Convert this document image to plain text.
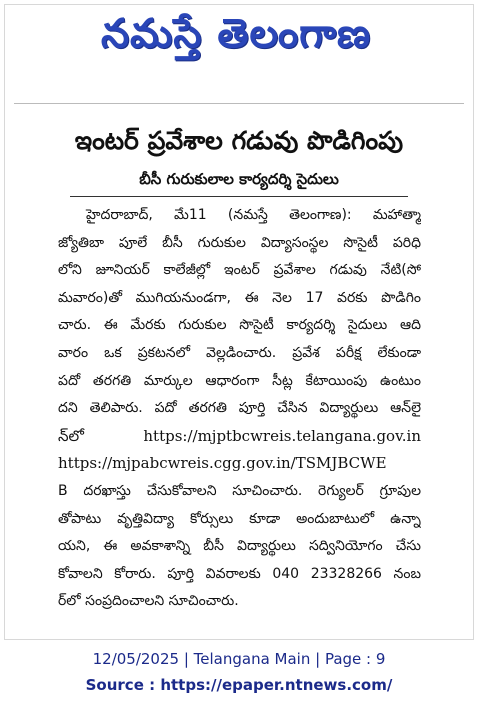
నమస్తే తెలంగాణ
ఇంటర్ ప్రవేశాల గడువు పొడిగింపు
బీసీ గురుకులాల కార్యదర్శి సైదులు
హైదరాబాద్, మే11 (నమస్తే తెలంగాణ): మహాత్మా
జ్యోతిబా పూలే బీసీ గురుకుల విద్యాసంస్థల సొసైటీ పరిధి
లోని జూనియర్ కాలేజీల్లో ఇంటర్ ప్రవేశాల గడువు నేటి(సో
మవారం)తో ముగియనుండగా, ఈ నెల 17 వరకు పొడిగిం
చారు. ఈ మేరకు గురుకుల సొసైటీ కార్యదర్శి సైదులు ఆది
వారం ఒక ప్రకటనలో వెల్లడించారు. ప్రవేశ పరీక్ష లేకుండా
పదో తరగతి మార్కుల ఆధారంగా సీట్ల కేటాయింపు ఉంటుం
దని తెలిపారు. పదో తరగతి పూర్తి చేసిన విద్యార్థులు ఆన్‌లై
న్‌లో https://mjptbcwreis.telangana.gov.in
https://mjpabcwreis.cgg.gov.in/TSMJBCWE
B దరఖాస్తు చేసుకోవాలని సూచించారు. రెగ్యులర్ గ్రూపుల
తోపాటు వృత్తివిద్యా కోర్సులు కూడా అందుబాటులో ఉన్నా
యని, ఈ అవకాశాన్ని బీసీ విద్యార్థులు సద్వినియోగం చేసు
కోవాలని కోరారు. పూర్తి వివరాలకు 040 23328266 నంబ
ర్‌లో సంప్రదించాలని సూచించారు.
12/05/2025 | Telangana Main | Page : 9
Source : https://epaper.ntnews.com/
